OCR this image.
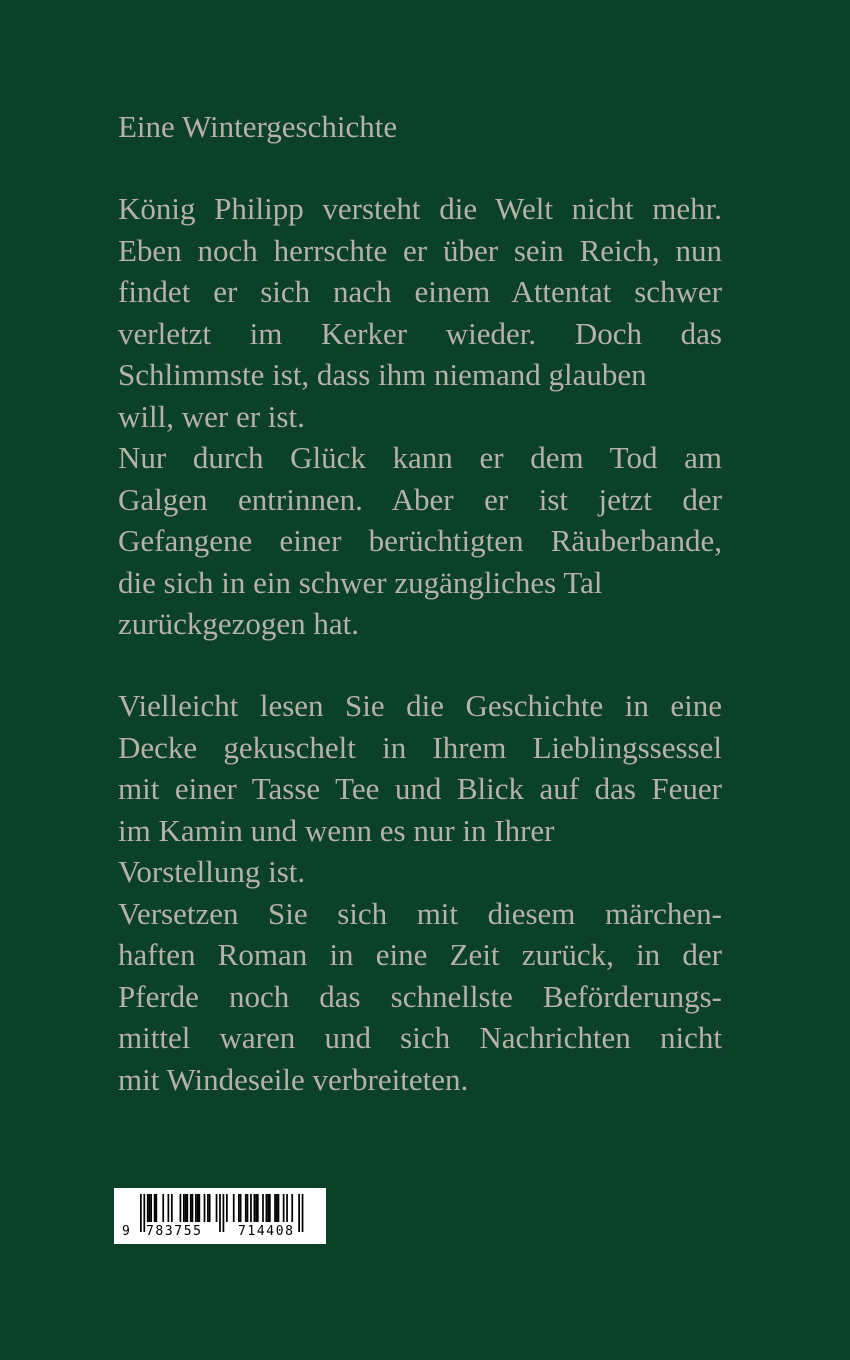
Eine Wintergeschichte
König Philipp versteht die Welt nicht mehr.
Eben noch herrschte er über sein Reich, nun
findet er sich nach einem Attentat schwer
verletzt im Kerker wieder. Doch das
Schlimmste ist, dass ihm niemand glauben
will, wer er ist.
Nur durch Glück kann er dem Tod am
Galgen entrinnen. Aber er ist jetzt der
Gefangene einer berüchtigten Räuberbande,
die sich in ein schwer zugängliches Tal
zurückgezogen hat.
Vielleicht lesen Sie die Geschichte in eine
Decke gekuschelt in Ihrem Lieblingssessel
mit einer Tasse Tee und Blick auf das Feuer
im Kamin und wenn es nur in Ihrer
Vorstellung ist.
Versetzen Sie sich mit diesem märchen-
haften Roman in eine Zeit zurück, in der
Pferde noch das schnellste Beförderungs-
mittel waren und sich Nachrichten nicht
mit Windeseile verbreiteten.
9 783755	714408
